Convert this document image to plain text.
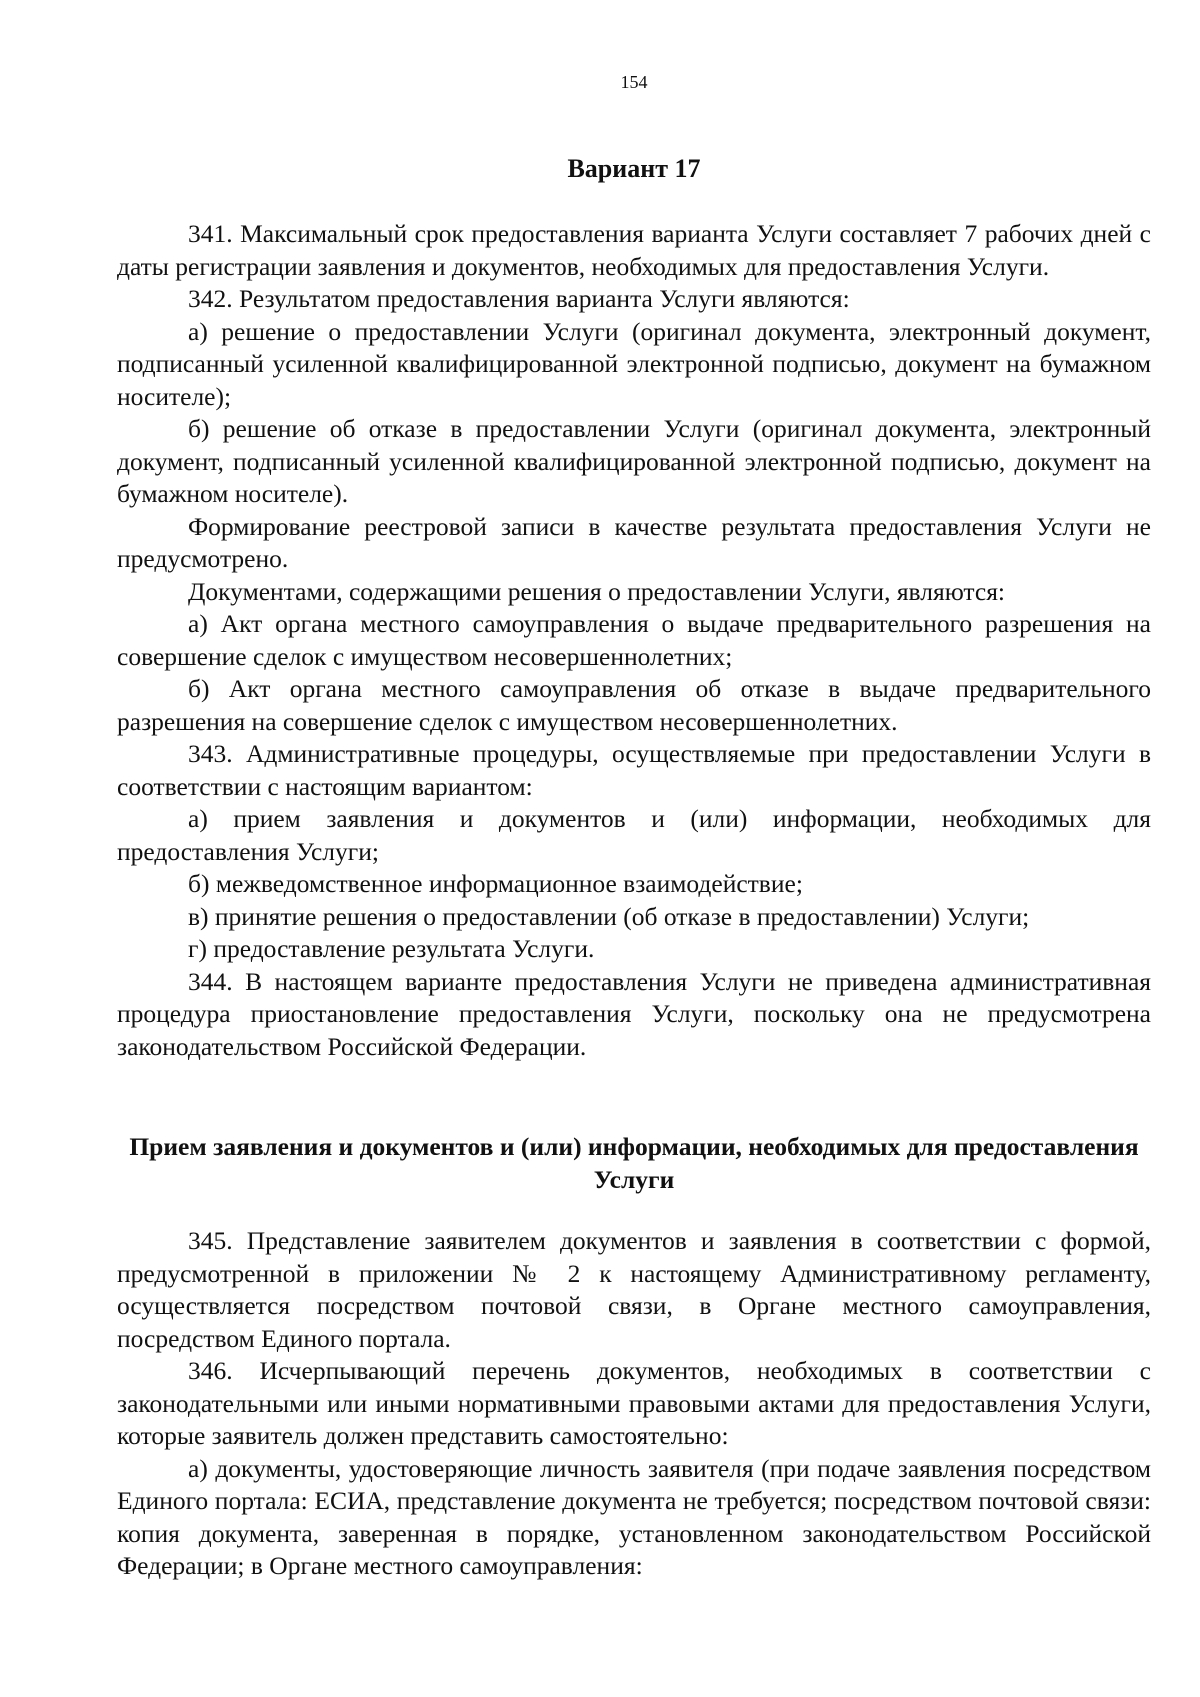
154
Вариант 17

341. Максимальный срок предоставления варианта Услуги составляет 7 рабочих дней с даты регистрации заявления и документов, необходимых для предоставления Услуги.

342. Результатом предоставления варианта Услуги являются:

а) решение о предоставлении Услуги (оригинал документа, электронный документ, подписанный усиленной квалифицированной электронной подписью, документ на бумажном носителе);

б) решение об отказе в предоставлении Услуги (оригинал документа, электронный документ, подписанный усиленной квалифицированной электронной подписью, документ на бумажном носителе).

Формирование реестровой записи в качестве результата предоставления Услуги не предусмотрено.

Документами, содержащими решения о предоставлении Услуги, являются:

а) Акт органа местного самоуправления о выдаче предварительного разрешения на совершение сделок с имуществом несовершеннолетних;

б) Акт органа местного самоуправления об отказе в выдаче предварительного разрешения на совершение сделок с имуществом несовершеннолетних.

343. Административные процедуры, осуществляемые при предоставлении Услуги в соответствии с настоящим вариантом:

а) прием заявления и документов и (или) информации, необходимых для предоставления Услуги;

б) межведомственное информационное взаимодействие;

в) принятие решения о предоставлении (об отказе в предоставлении) Услуги;

г) предоставление результата Услуги.

344. В настоящем варианте предоставления Услуги не приведена административная процедура приостановление предоставления Услуги, поскольку она не предусмотрена законодательством Российской Федерации.

Прием заявления и документов и (или) информации, необходимых для предоставления Услуги

345. Представление заявителем документов и заявления в соответствии с формой, предусмотренной в приложении № 2 к настоящему Административному регламенту, осуществляется посредством почтовой связи, в Органе местного самоуправления, посредством Единого портала.

346. Исчерпывающий перечень документов, необходимых в соответствии с законодательными или иными нормативными правовыми актами для предоставления Услуги, которые заявитель должен представить самостоятельно:

а) документы, удостоверяющие личность заявителя (при подаче заявления посредством Единого портала: ЕСИА, представление документа не требуется; посредством почтовой связи: копия документа, заверенная в порядке, установленном законодательством Российской Федерации; в Органе местного самоуправления:
